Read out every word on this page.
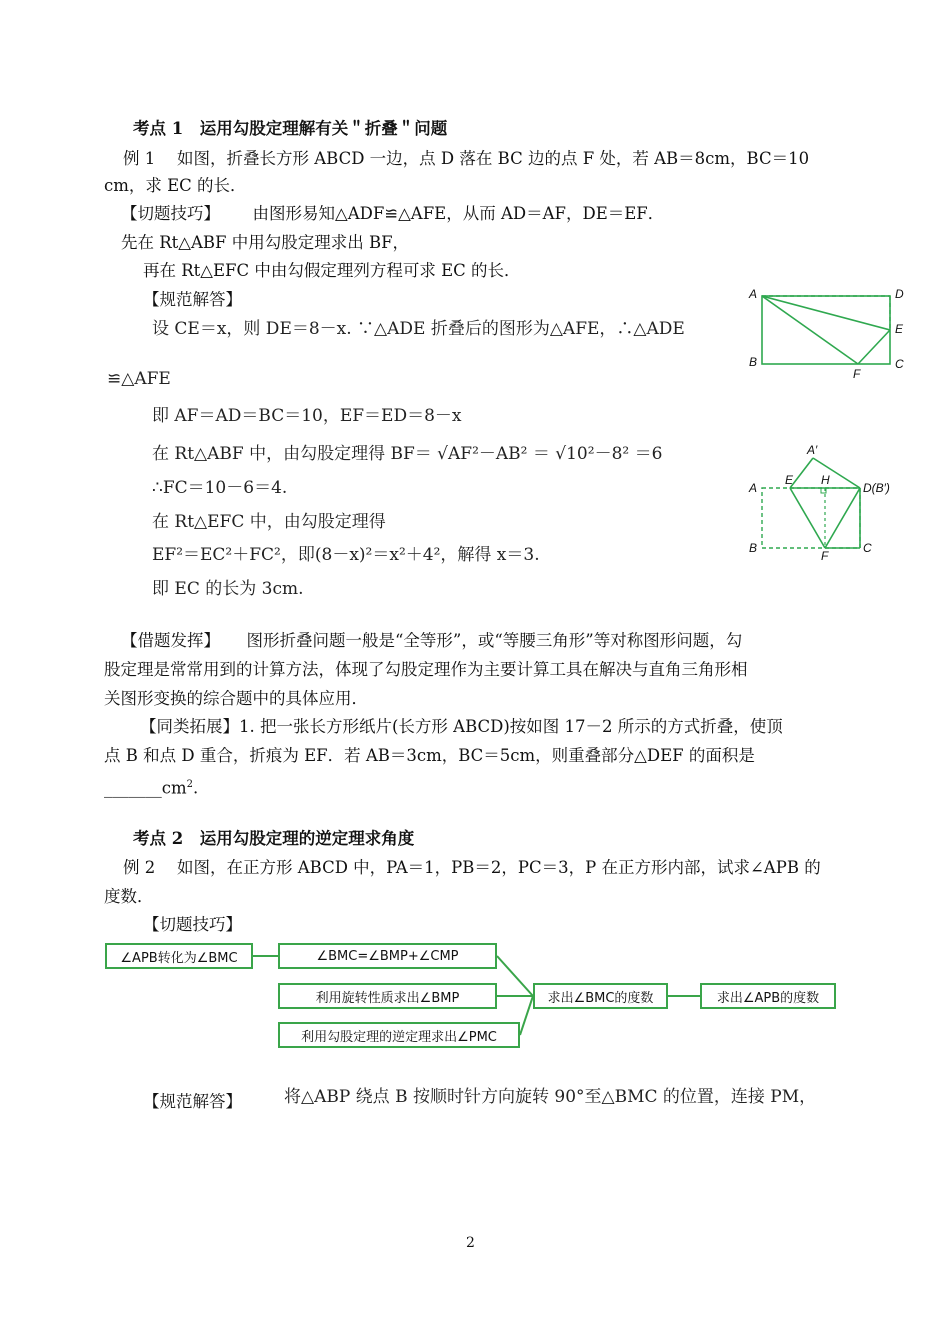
考点 1　运用勾股定理解有关＂折叠＂问题
例 1　 如图，折叠长方形 ABCD 一边，点 D 落在 BC 边的点 F 处，若 AB＝8cm，BC＝10
cm，求 EC 的长．
【切题技巧】 由图形易知△ADF≌△AFE，从而 AD＝AF，DE＝EF．
先在 Rt△ABF 中用勾股定理求出 BF，
再在 Rt△EFC 中由勾假定理列方程可求 EC 的长．
【规范解答】
设 CE＝x，则 DE＝8－x. ∵△ADE 折叠后的图形为△AFE，∴△ADE
≌△AFE
即 AF＝AD＝BC＝10，EF＝ED＝8－x
在 Rt△ABF 中，由勾股定理得 BF＝ √AF²－AB² ＝ √10²－8² ＝6
∴FC＝10－6＝4.
在 Rt△EFC 中，由勾股定理得
EF²＝EC²＋FC²，即(8－x)²＝x²＋4²，解得 x＝3.
即 EC 的长为 3cm.
A	D
E
B
F
C
A′
A
E H
D(B′)
B
F
C
【借题发挥】 图形折叠问题一般是“全等形”，或“等腰三角形”等对称图形问题，勾
股定理是常常用到的计算方法，体现了勾股定理作为主要计算工具在解决与直角三角形相
关图形变换的综合题中的具体应用．
【同类拓展】1. 把一张长方形纸片(长方形 ABCD)按如图 17－2 所示的方式折叠，使顶
点 B 和点 D 重合，折痕为 EF．若 AB＝3cm，BC＝5cm，则重叠部分△DEF 的面积是
$\_\_\_\_\_\_\_cm^2$.
考点 2　运用勾股定理的逆定理求角度
例 2　 如图，在正方形 ABCD 中，PA＝1，PB＝2，PC＝3，P 在正方形内部，试求∠APB 的
度数．
【切题技巧】
∠APB转化为∠BMC	∠BMC=∠BMP+∠CMP
利用旋转性质求出∠BMP
利用勾股定理的逆定理求出∠PMC
求出∠BMC的度数	求出∠APB的度数
【规范解答】 将△ABP 绕点 B 按顺时针方向旋转 90°至△BMC 的位置，连接 PM，
2
